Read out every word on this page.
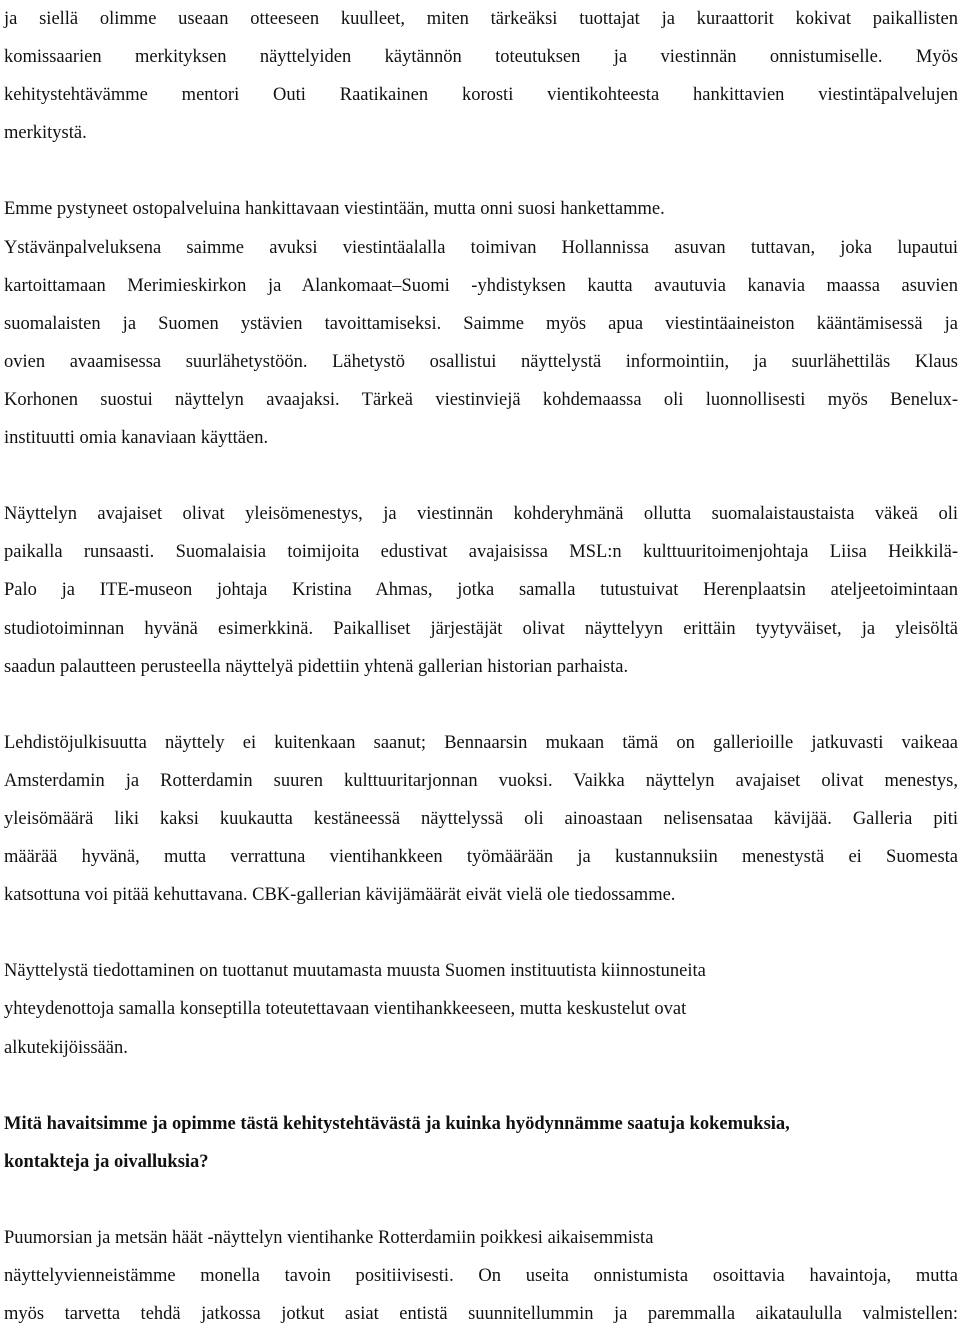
ja siellä olimme useaan otteeseen kuulleet, miten tärkeäksi tuottajat ja kuraattorit kokivat paikallisten
komissaarien merkityksen näyttelyiden käytännön toteutuksen ja viestinnän onnistumiselle. Myös
kehitystehtävämme mentori Outi Raatikainen korosti vientikohteesta hankittavien viestintäpalvelujen
merkitystä.
Emme pystyneet ostopalveluina hankittavaan viestintään, mutta onni suosi hankettamme.
Ystävänpalveluksena saimme avuksi viestintäalalla toimivan Hollannissa asuvan tuttavan, joka lupautui
kartoittamaan Merimieskirkon ja Alankomaat–Suomi -yhdistyksen kautta avautuvia kanavia maassa asuvien
suomalaisten ja Suomen ystävien tavoittamiseksi. Saimme myös apua viestintäaineiston kääntämisessä ja
ovien avaamisessa suurlähetystöön. Lähetystö osallistui näyttelystä informointiin, ja suurlähettiläs Klaus
Korhonen suostui näyttelyn avaajaksi. Tärkeä viestinviejä kohdemaassa oli luonnollisesti myös Benelux-
instituutti omia kanaviaan käyttäen.
Näyttelyn avajaiset olivat yleisömenestys, ja viestinnän kohderyhmänä ollutta suomalaistaustaista väkeä oli
paikalla runsaasti. Suomalaisia toimijoita edustivat avajaisissa MSL:n kulttuuritoimenjohtaja Liisa Heikkilä-
Palo ja ITE-museon johtaja Kristina Ahmas, jotka samalla tutustuivat Herenplaatsin ateljeetoimintaan
studiotoiminnan hyvänä esimerkkinä. Paikalliset järjestäjät olivat näyttelyyn erittäin tyytyväiset, ja yleisöltä
saadun palautteen perusteella näyttelyä pidettiin yhtenä gallerian historian parhaista.
Lehdistöjulkisuutta näyttely ei kuitenkaan saanut; Bennaarsin mukaan tämä on gallerioille jatkuvasti vaikeaa
Amsterdamin ja Rotterdamin suuren kulttuuritarjonnan vuoksi. Vaikka näyttelyn avajaiset olivat menestys,
yleisömäärä liki kaksi kuukautta kestäneessä näyttelyssä oli ainoastaan nelisensataa kävijää. Galleria piti
määrää hyvänä, mutta verrattuna vientihankkeen työmäärään ja kustannuksiin menestystä ei Suomesta
katsottuna voi pitää kehuttavana. CBK-gallerian kävijämäärät eivät vielä ole tiedossamme.
Näyttelystä tiedottaminen on tuottanut muutamasta muusta Suomen instituutista kiinnostuneita
yhteydenottoja samalla konseptilla toteutettavaan vientihankkeeseen, mutta keskustelut ovat
alkutekijöissään.
Mitä havaitsimme ja opimme tästä kehitystehtävästä ja kuinka hyödynnämme saatuja kokemuksia,
kontakteja ja oivalluksia?
Puumorsian ja metsän häät -näyttelyn vientihanke Rotterdamiin poikkesi aikaisemmista
näyttelyvienneistämme monella tavoin positiivisesti. On useita onnistumista osoittavia havaintoja, mutta
myös tarvetta tehdä jatkossa jotkut asiat entistä suunnitellummin ja paremmalla aikataululla valmistellen:
